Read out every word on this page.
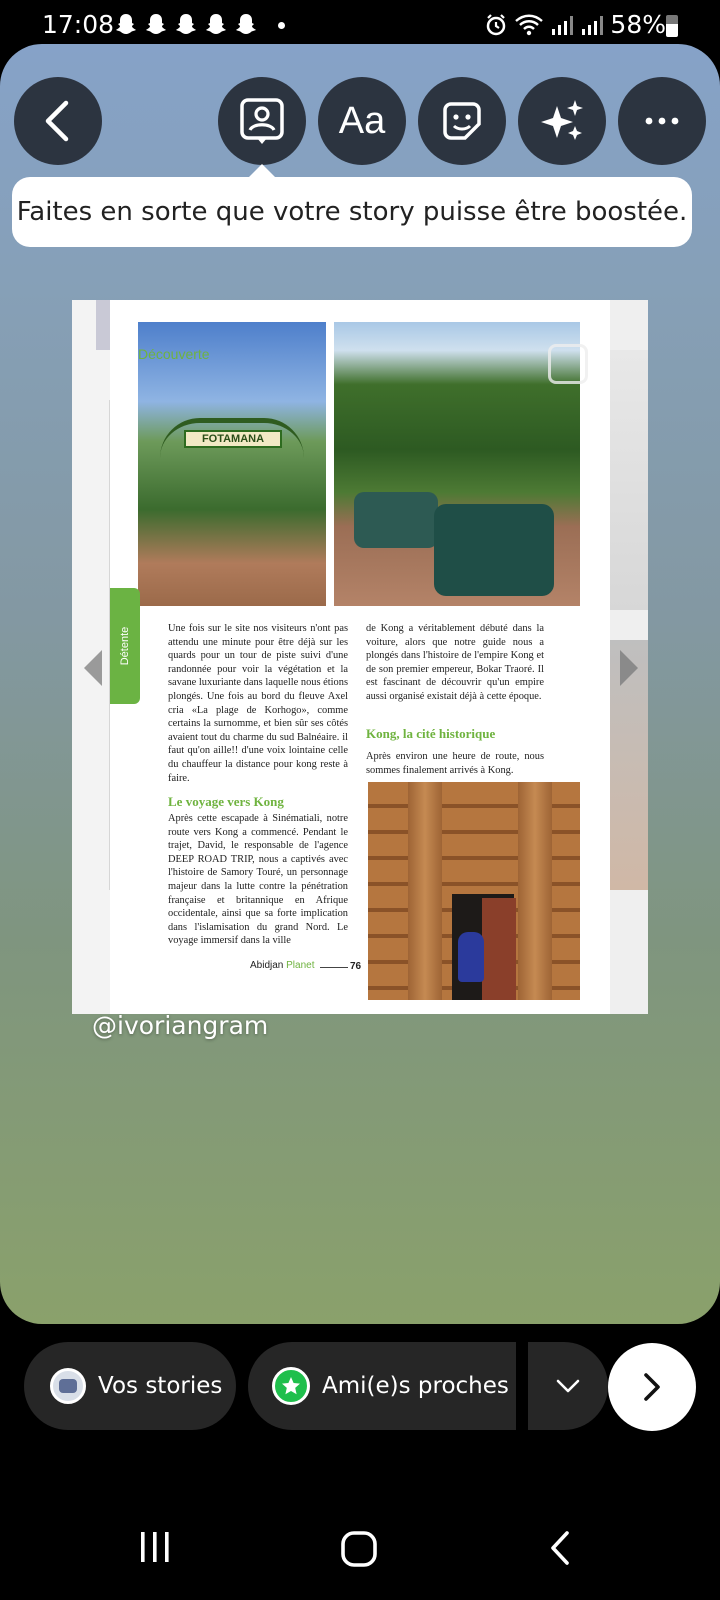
17:08	58%
Aa
Faites en sorte que votre story puisse être boostée.
FOTAMANA
Découverte
Détente	Une fois sur le site nos visiteurs n'ont pas attendu une minute pour être déjà sur les quards pour un tour de piste suivi d'une randonnée pour voir la végétation et la savane luxuriante dans laquelle nous étions plongés. Une fois au bord du fleuve Axel cria «La plage de Korhogo», comme certains la surnomme, et bien sûr ses côtés avaient tout du charme du sud Balnéaire. il faut qu'on aille!! d'une voix lointaine celle du chauffeur la distance pour kong reste à faire.
Le voyage vers Kong
Après cette escapade à Sinématiali, notre route vers Kong a commencé. Pendant le trajet, David, le responsable de l'agence DEEP ROAD TRIP, nous a captivés avec l'histoire de Samory Touré, un personnage majeur dans la lutte contre la pénétration française et britannique en Afrique occidentale, ainsi que sa forte implication dans l'islamisation du grand Nord. Le voyage immersif dans la ville
de Kong a véritablement débuté dans la voiture, alors que notre guide nous a plongés dans l'histoire de l'empire Kong et de son premier empereur, Bokar Traoré. Il est fascinant de découvrir qu'un empire aussi organisé existait déjà à cette époque.
Kong, la cité historique
Après environ une heure de route, nous sommes finalement arrivés à Kong.
Abidjan Planet	76
@ivoriangram
Vos stories	Ami(e)s proches
